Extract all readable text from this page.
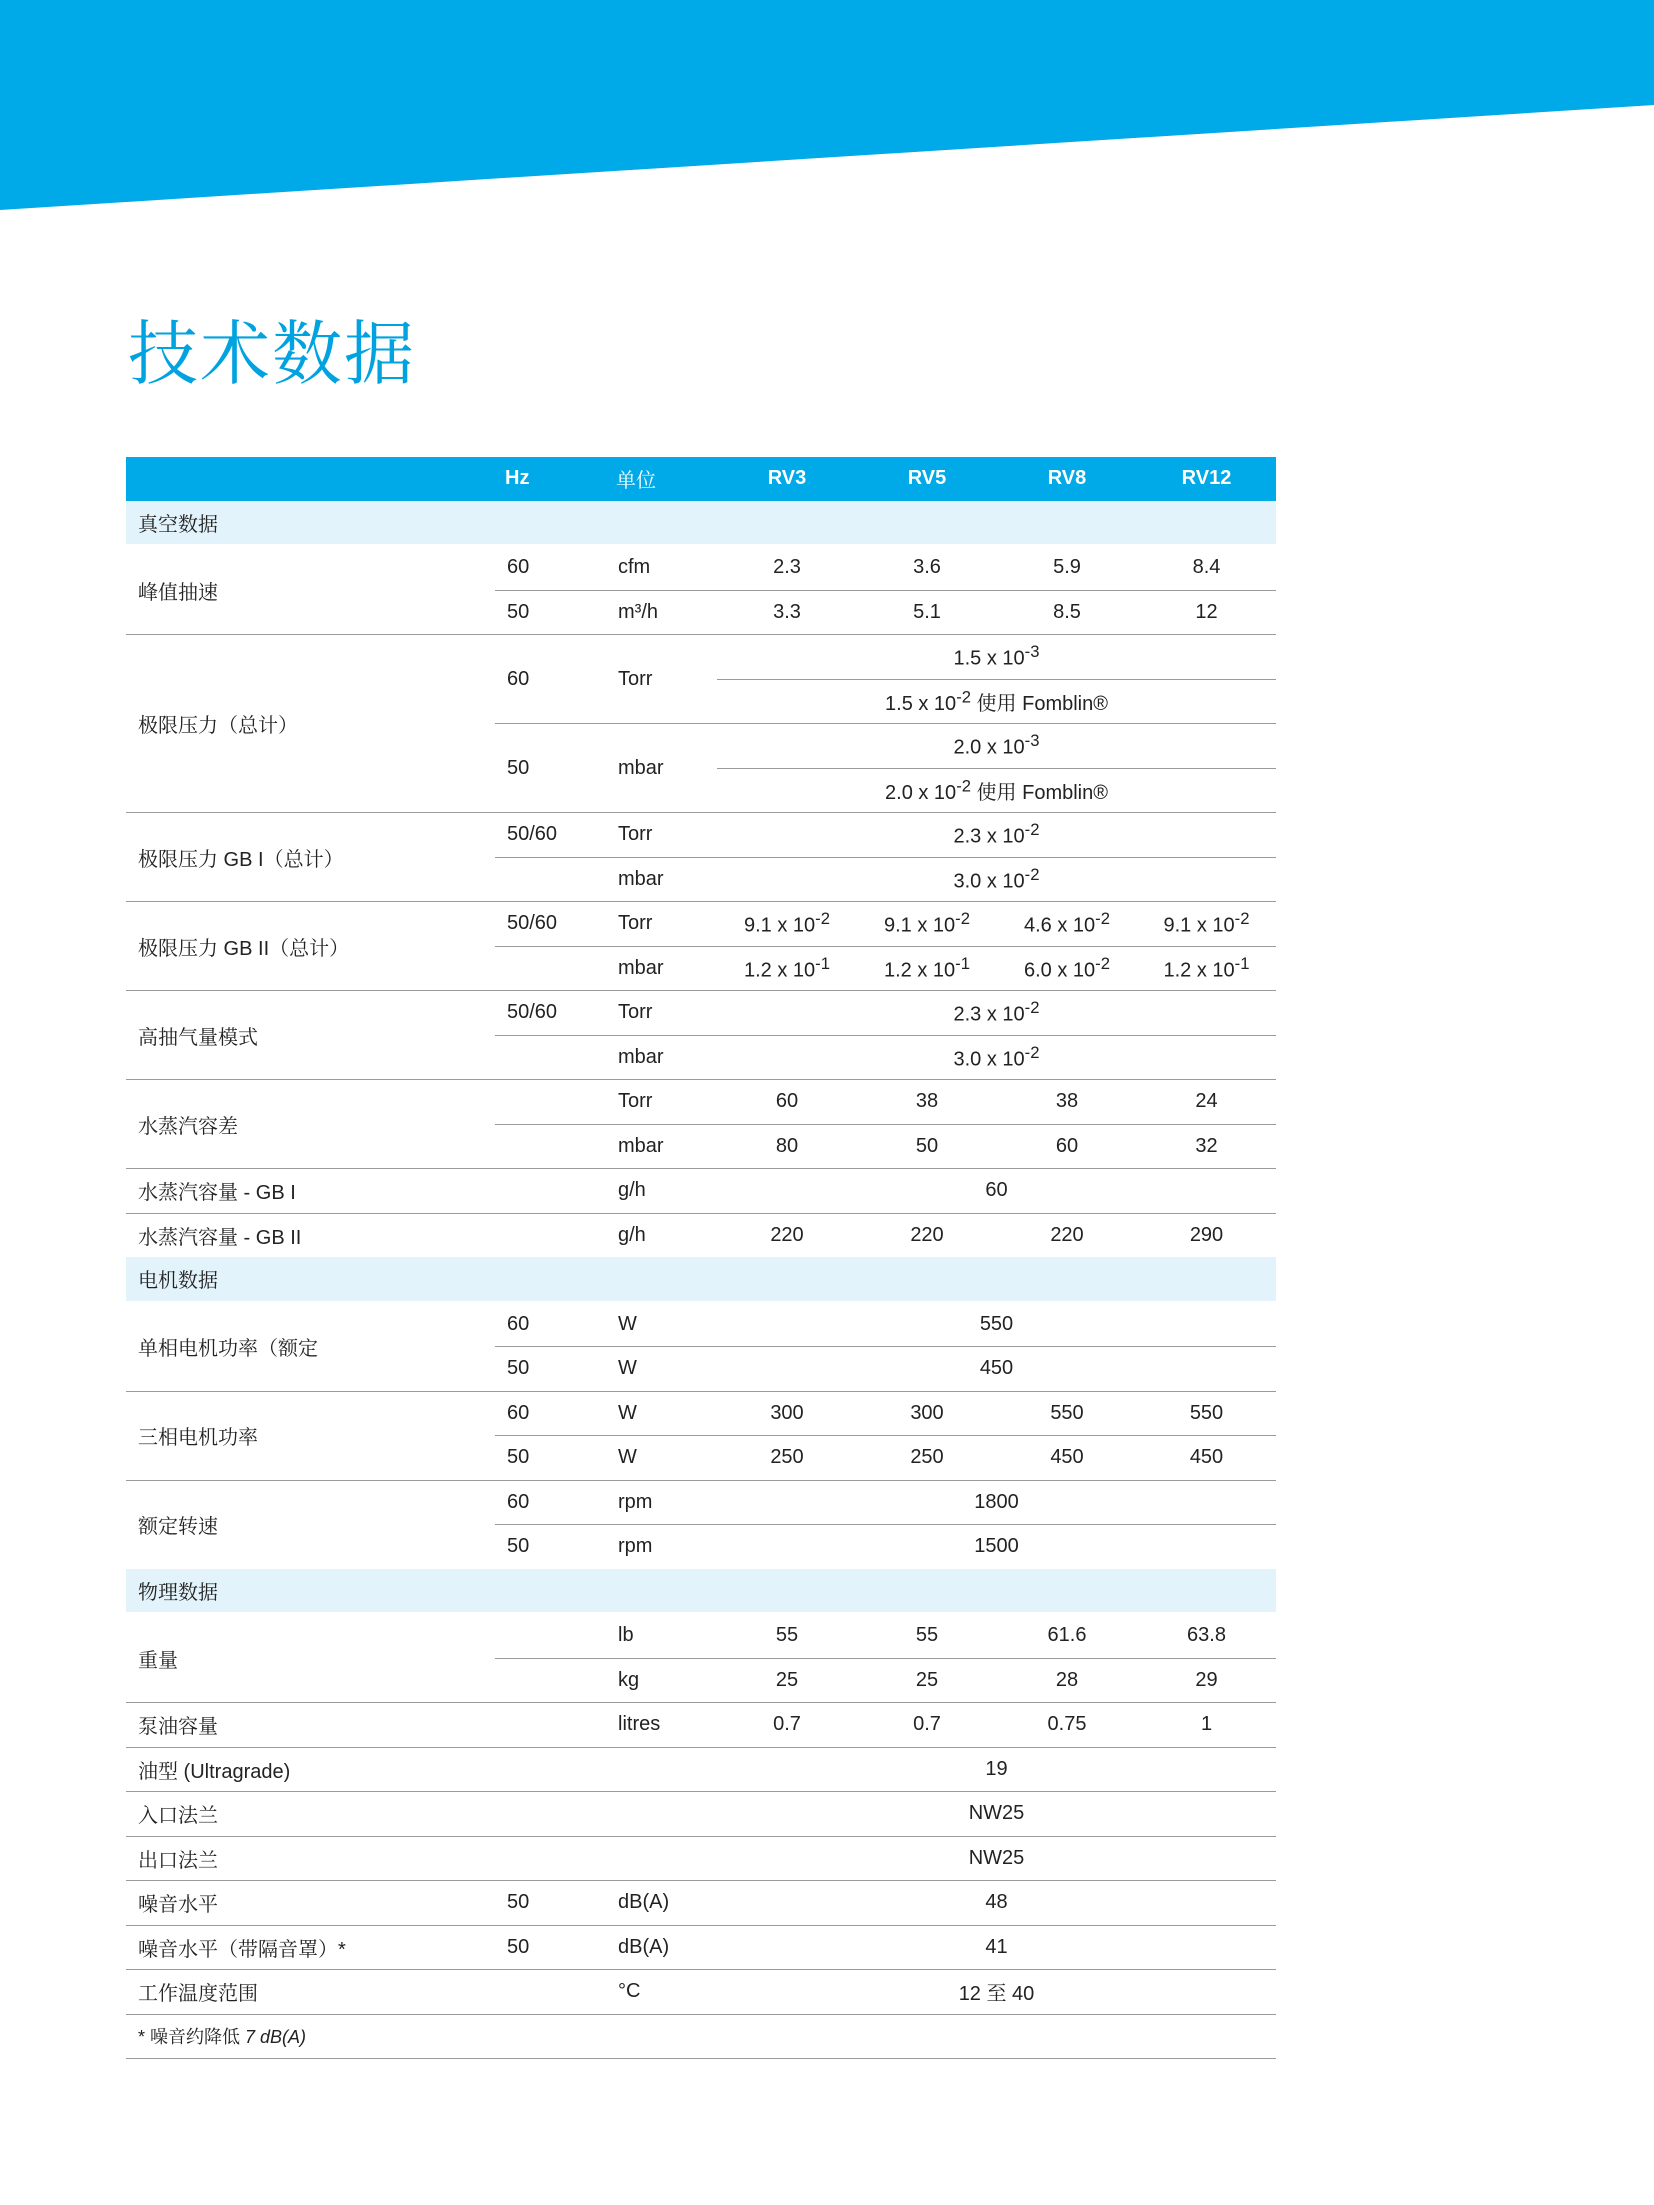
技术数据
	Hz	单位	RV3	RV5	RV8	RV12
真空数据						
峰值抽速	60	cfm	2.3	3.6	5.9	8.4
	50	m³/h	3.3	5.1	8.5	12
极限压力（总计）	60	Torr	1.5 x $10^{-3}$
			1.5 x $10^{-2}$ 使用 Fomblin®			
	50	mbar	2.0 x $10^{-3}$
			2.0 x $10^{-2}$ 使用 Fomblin®			
极限压力 GB I（总计）	50/60	Torr	2.3 x $10^{-2}$
		mbar	3.0 x $10^{-2}$
极限压力 GB II（总计）	50/60	Torr	9.1 x $10^{-2}$	9.1 x $10^{-2}$	4.6 x $10^{-2}$	9.1 x $10^{-2}$
		mbar	1.2 x $10^{-1}$	1.2 x $10^{-1}$	6.0 x $10^{-2}$	1.2 x $10^{-1}$
高抽气量模式	50/60	Torr	2.3 x $10^{-2}$
		mbar	3.0 x $10^{-2}$
水蒸汽容差		Torr	60	38	38	24
		mbar	80	50	60	32
水蒸汽容量 - GB I		g/h	60			
水蒸汽容量 - GB II		g/h	220	220	220	290
电机数据						
单相电机功率（额定	60	W	550			
	50	W	450			
三相电机功率	60	W	300	300	550	550
	50	W	250	250	450	450
额定转速	60	rpm	1800			
	50	rpm	1500			
物理数据						
重量		lb	55	55	61.6	63.8
		kg	25	25	28	29
泵油容量		litres	0.7	0.7	0.75	1
油型 (Ultragrade)			19			
入口法兰			NW25			
出口法兰			NW25			
噪音水平	50	dB(A)	48			
噪音水平（带隔音罩）*	50	dB(A)	41			
工作温度范围		°C	12 至 40			
* 噪音约降低 7 dB(A)						
